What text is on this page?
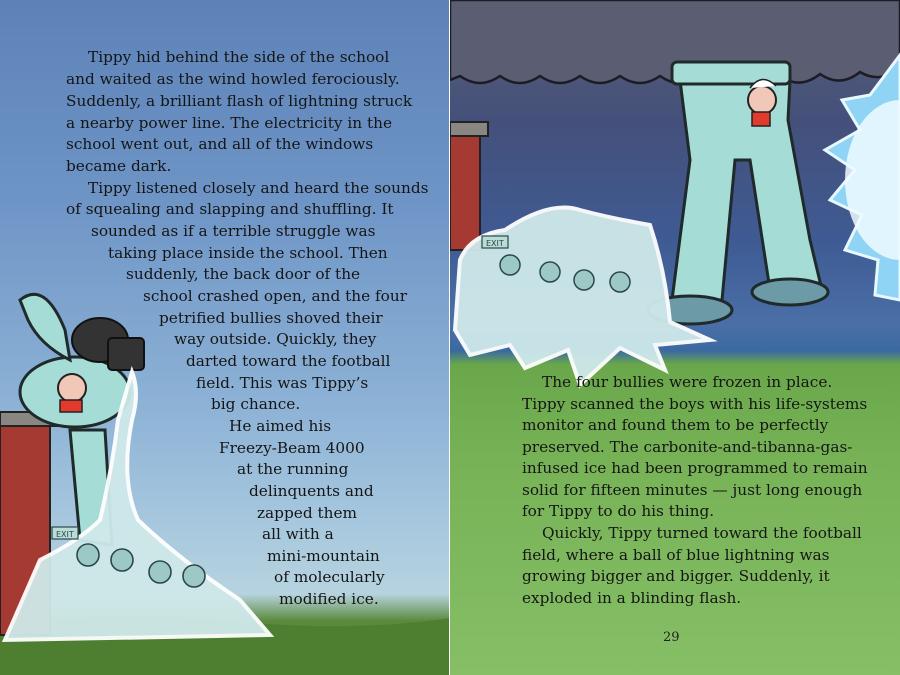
EXIT
Tippy hid behind the side of the school
and waited as the wind howled ferociously.
Suddenly, a brilliant flash of lightning struck
a nearby power line. The electricity in the
school went out, and all of the windows
became dark.
Tippy listened closely and heard the sounds
of squealing and slapping and shuffling. It
sounded as if a terrible struggle was
taking place inside the school. Then
suddenly, the back door of the
school crashed open, and the four
petrified bullies shoved their
way outside. Quickly, they
darted toward the football
field. This was Tippy’s
big chance.
He aimed his
Freezy-Beam 4000
at the running
delinquents and
zapped them
all with a
mini-mountain
of molecularly
modified ice.
EXIT
The four bullies were frozen in place.
Tippy scanned the boys with his life-systems
monitor and found them to be perfectly
preserved. The carbonite-and-tibanna-gas-
infused ice had been programmed to remain
solid for fifteen minutes — just long enough
for Tippy to do his thing.
Quickly, Tippy turned toward the football
field, where a ball of blue lightning was
growing bigger and bigger. Suddenly, it
exploded in a blinding flash.
29
